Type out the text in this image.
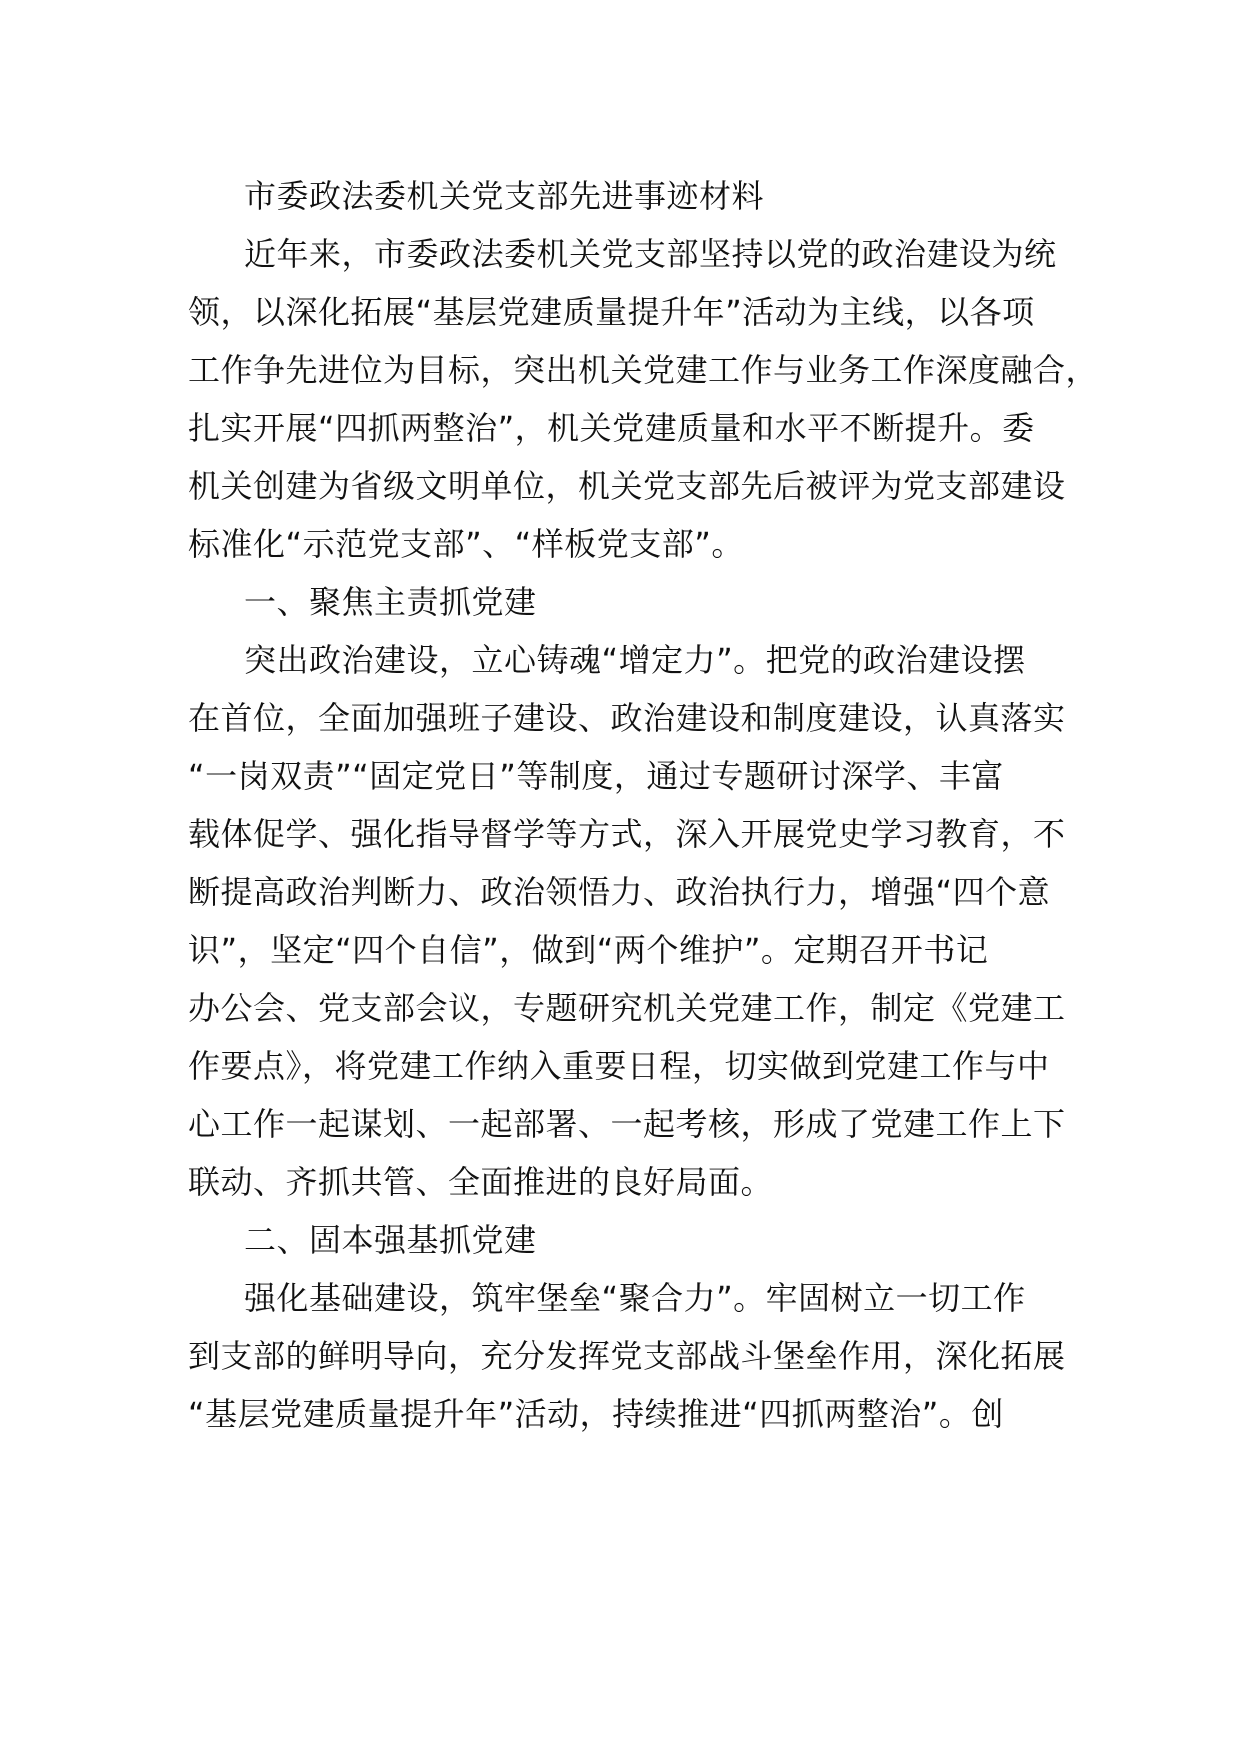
市委政法委机关党支部先进事迹材料
近年来，市委政法委机关党支部坚持以党的政治建设为统
领，以深化拓展“基层党建质量提升年”活动为主线，以各项
工作争先进位为目标，突出机关党建工作与业务工作深度融合，
扎实开展“四抓两整治”，机关党建质量和水平不断提升。委
机关创建为省级文明单位，机关党支部先后被评为党支部建设
标准化“示范党支部”、“样板党支部”。
一、聚焦主责抓党建
突出政治建设，立心铸魂“增定力”。把党的政治建设摆
在首位，全面加强班子建设、政治建设和制度建设，认真落实
“一岗双责”“固定党日”等制度，通过专题研讨深学、丰富
载体促学、强化指导督学等方式，深入开展党史学习教育，不
断提高政治判断力、政治领悟力、政治执行力，增强“四个意
识”，坚定“四个自信”，做到“两个维护”。定期召开书记
办公会、党支部会议，专题研究机关党建工作，制定《党建工
作要点》，将党建工作纳入重要日程，切实做到党建工作与中
心工作一起谋划、一起部署、一起考核，形成了党建工作上下
联动、齐抓共管、全面推进的良好局面。
二、固本强基抓党建
强化基础建设，筑牢堡垒“聚合力”。牢固树立一切工作
到支部的鲜明导向，充分发挥党支部战斗堡垒作用，深化拓展
“基层党建质量提升年”活动，持续推进“四抓两整治”。创
